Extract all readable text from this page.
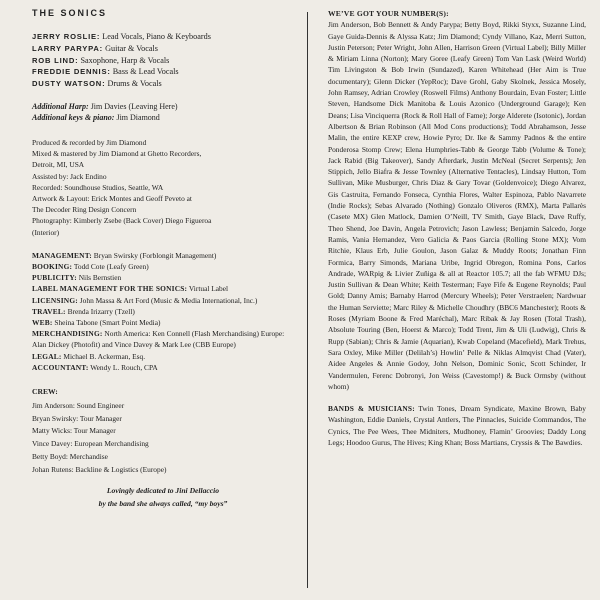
THE SONICS
JERRY ROSLIE: Lead Vocals, Piano & Keyboards
LARRY PARYPA: Guitar & Vocals
ROB LIND: Saxophone, Harp & Vocals
FREDDIE DENNIS: Bass & Lead Vocals
DUSTY WATSON: Drums & Vocals
Additional Harp: Jim Davies (Leaving Here)
Additional keys & piano: Jim Diamond
Produced & recorded by Jim Diamond
Mixed & mastered by Jim Diamond at Ghetto Recorders,
Detroit, MI, USA
Assisted by: Jack Endino
Recorded: Soundhouse Studios, Seattle, WA
Artwork & Layout: Erick Montes and Geoff Peveto at
The Decoder Ring Design Concern
Photography: Kimberly Zsebe (Back Cover) Diego Figueroa
(Interior)
MANAGEMENT: Bryan Swirsky (Forblongit Management)
BOOKING: Todd Cote (Leafy Green)
PUBLICITY: Nils Bernstien
LABEL MANAGEMENT FOR THE SONICS: Virtual Label
LICENSING: John Massa & Art Ford (Music & Media International, Inc.)
TRAVEL: Brenda Irizarry (Tzell)
WEB: Sheina Tabone (Smart Point Media)
MERCHANDISING: North America: Ken Connell (Flash Merchandising) Europe: Alan Dickey (Photofit) and Vince Davey & Mark Lee (CBB Europe)
LEGAL: Michael B. Ackerman, Esq.
ACCOUNTANT: Wendy L. Rouch, CPA
CREW:
Jim Anderson: Sound Engineer
Bryan Swirsky: Tour Manager
Matty Wicks: Tour Manager
Vince Davey: European Merchandising
Betty Boyd: Merchandise
Johan Rutens: Backline & Logistics (Europe)
Lovingly dedicated to Jini Dellaccio
by the band she always called, “my boys”
WE’VE GOT YOUR NUMBER(S):
Jim Anderson, Bob Bennett & Andy Parypa; Betty Boyd, Rikki Styxx, Suzanne Lind, Gaye Guida-Dennis & Alyssa Katz; Jim Diamond; Cyndy Villano, Kaz, Merri Sutton, Justin Peterson; Peter Wright, John Allen, Harrison Green (Virtual Label); Billy Miller & Miriam Linna (Norton); Mary Goree (Leafy Green) Tom Van Lask (Weird World) Tim Livingston & Bob Irwin (Sundazed), Karen Whitehead (Her Aim is True documentary); Glenn Dicker (YepRoc); Dave Grohl, Gaby Skolnek, Jessica Mosely, John Ramsey, Adrian Crowley (Roswell Films) Anthony Bourdain, Evan Foster; Little Steven, Handsome Dick Manitoba & Louis Azonico (Underground Garage); Ken Deans; Lisa Vinciquerra (Rock & Roll Hall of Fame); Jorge Alderete (Isotonic), Jordan Albertson & Brian Robinson (All Mod Cons productions); Todd Abrahamson, Jesse Malin, the entire KEXP crew, Howie Pyro; Dr. Ike & Sammy Padnos & the entire Ponderosa Stomp Crew; Elena Humphries-Tabb & George Tabb (Volume & Tone); Jack Rabid (Big Takeover), Sandy Afterdark, Justin McNeal (Secret Serpents); Jen Stippich, Jello Biafra & Jesse Townley (Alternative Tentacles), Lindsay Hutton, Tom Sullivan, Mike Musburger, Chris Diaz & Gary Tovar (Goldenvoice); Diego Alvarez, Gis Castruita, Fernando Fonseca, Cynthia Flores, Walter Espinoza, Pablo Navarrete (Indie Rocks); Sebas Alvarado (Nothing) Gonzalo Oliveros (RMX), Marta Pallarès (Casete MX) Glen Matlock, Damien O’Neill, TV Smith, Gaye Black, Dave Ruffy, Theo Shend, Joe Davin, Angela Petrovich; Jason Lawless; Benjamin Salcedo, Jorge Ramis, Vania Hernandez, Vero Galicia & Paos Garcia (Rolling Stone MX); Vom Ritchie, Klaus Erb, Julie Goulon, Jason Galaz & Muddy Roots; Jonathan Finn Formica, Barry Simonds, Mariana Uribe, Ingrid Obregon, Romina Pons, Carlos Andrade, WARpig & Livier Zuñiga & all at Reactor 105.7; all the fab WFMU DJs; Justin Sullivan & Dean White; Keith Testerman; Faye Fife & Eugene Reynolds; Paul Gold; Danny Amis; Barnaby Harrod (Mercury Wheels); Peter Verstraelen; Nardwuar the Human Serviette; Marc Riley & Michelle Choudhry (BBC6 Manchester); Roots & Roses (Myriam Boone & Fred Maréchal), Marc Ribak & Jay Rosen (Total Trash), Absolute Touring (Ben, Hoerst & Marco); Todd Trent, Jim & Uli (Ludwig), Chris & Rupp (Sabian); Chris & Jamie (Aquarian), Kwab Copeland (Macefield), Mark Trehus, Sara Oxley, Mike Miller (Delilah’s) Howlin’ Pelle & Niklas Almqvist Chad (Vater), Aidee Angeles & Annie Godoy, John Nelson, Dominic Sonic, Scott Schinder, Ir Vandermulen, Ferenc Dobronyi, Jon Weiss (Cavestomp!) & Buck Ormsby (without whom)
BANDS & MUSICIANS: Twin Tones, Dream Syndicate, Maxine Brown, Baby Washington, Eddie Daniels, Crystal Antlers, The Pinnacles, Suicide Commandos, The Cynics, The Pee Wees, Thee Midniters, Mudhoney, Flamin’ Groovies; Daddy Long Legs; Hoodoo Gurus, The Hives; King Khan; Boss Martians, Cryssis & The Bawdies.
